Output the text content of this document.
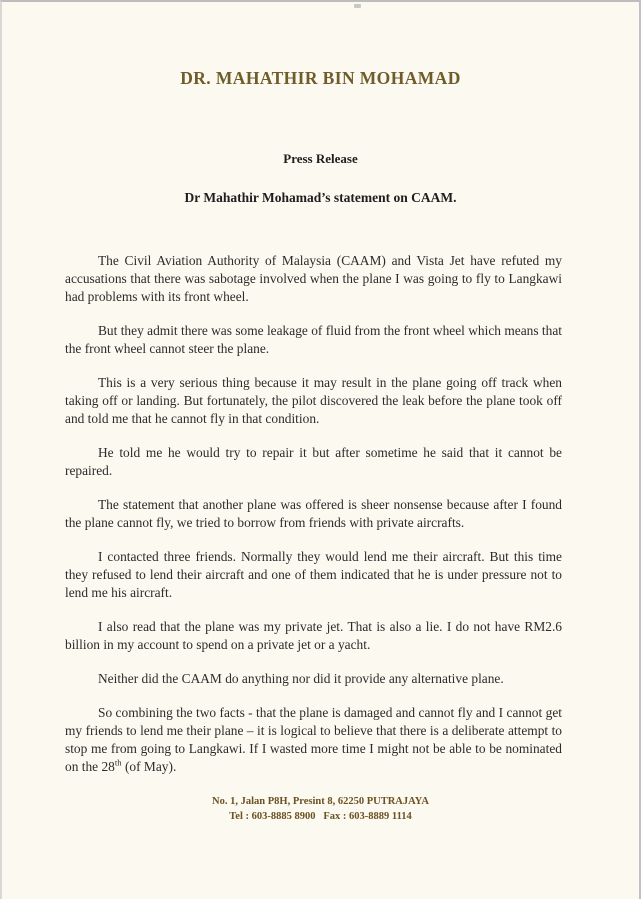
DR. MAHATHIR BIN MOHAMAD
Press Release
Dr Mahathir Mohamad’s statement on CAAM.

The Civil Aviation Authority of Malaysia (CAAM) and Vista Jet have refuted my accusations that there was sabotage involved when the plane I was going to fly to Langkawi had problems with its front wheel.

But they admit there was some leakage of fluid from the front wheel which means that the front wheel cannot steer the plane.

This is a very serious thing because it may result in the plane going off track when taking off or landing. But fortunately, the pilot discovered the leak before the plane took off and told me that he cannot fly in that condition.

He told me he would try to repair it but after sometime he said that it cannot be repaired.

The statement that another plane was offered is sheer nonsense because after I found the plane cannot fly, we tried to borrow from friends with private aircrafts.

I contacted three friends. Normally they would lend me their aircraft. But this time they refused to lend their aircraft and one of them indicated that he is under pressure not to lend me his aircraft.

I also read that the plane was my private jet. That is also a lie. I do not have RM2.6 billion in my account to spend on a private jet or a yacht.

Neither did the CAAM do anything nor did it provide any alternative plane.

So combining the two facts - that the plane is damaged and cannot fly and I cannot get my friends to lend me their plane – it is logical to believe that there is a deliberate attempt to stop me from going to Langkawi. If I wasted more time I might not be able to be nominated on the 28th (of May).

No. 1, Jalan P8H, Presint 8, 62250 PUTRAJAYA
Tel : 603-8885 8900   Fax : 603-8889 1114
